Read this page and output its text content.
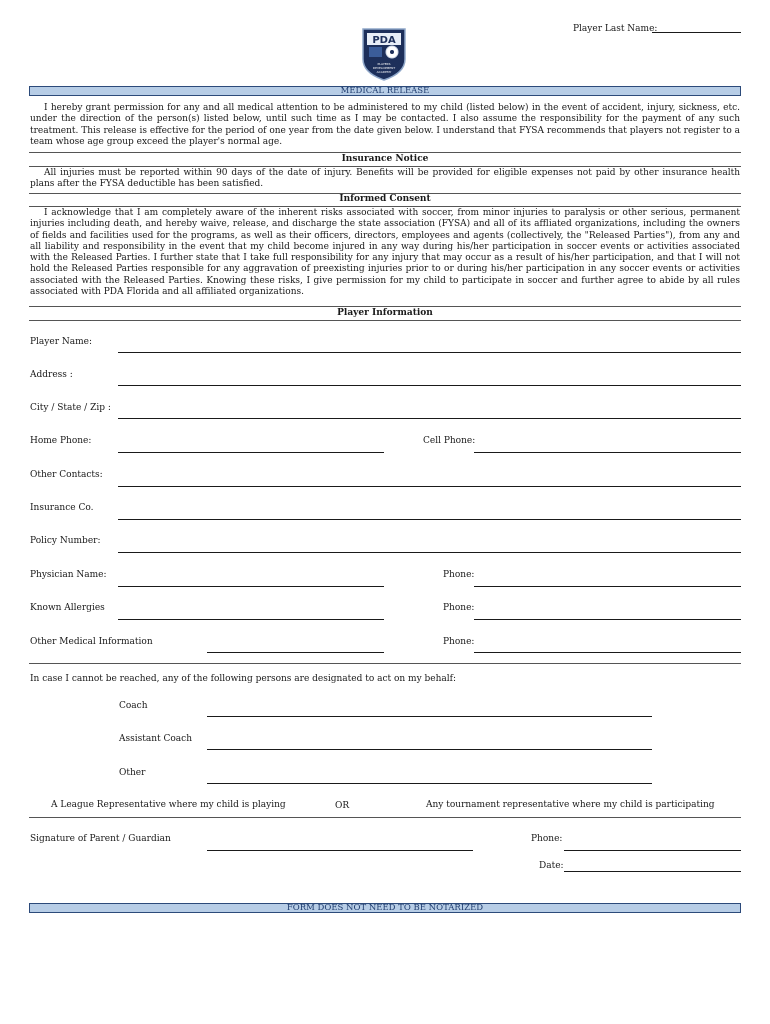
Player Last Name:
PDA
PLAYERS
DEVELOPMENT
ACADEMY
MEDICAL RELEASE
I hereby grant permission for any and all medical attention to be administered to my child (listed below) in the event of accident, injury, sickness, etc. under the direction of the person(s) listed below, until such time as I may be contacted. I also assume the responsibility for the payment of any such treatment. This release is effective for the period of one year from the date given below. I understand that FYSA recommends that players not register to a team whose age group exceed the player's normal age.
Insurance Notice
All injuries must be reported within 90 days of the date of injury. Benefits will be provided for eligible expenses not paid by other insurance health plans after the FYSA deductible has been satisfied.
Informed Consent
I acknowledge that I am completely aware of the inherent risks associated with soccer, from minor injuries to paralysis or other serious, permanent injuries including death, and hereby waive, release, and discharge the state association (FYSA) and all of its affliated organizations, including the owners of fields and facilities used for the programs, as well as their officers, directors, employees and agents (collectively, the "Released Parties"), from any and all liability and responsibility in the event that my child become injured in any way during his/her participation in soccer events or activities associated with the Released Parties. I further state that I take full responsibility for any injury that may occur as a result of his/her participation, and that I will not hold the Released Parties responsible for any aggravation of preexisting injuries prior to or during his/her participation in any soccer events or activities associated with the Released Parties. Knowing these risks, I give permission for my child to participate in soccer and further agree to abide by all rules associated with PDA Florida and all affiliated organizations.
Player Information
Player Name:
Address :
City / State / Zip :
Home Phone:	Cell Phone:
Other Contacts:
Insurance Co.
Policy Number:
Physician Name:	Phone:
Known Allergies	Phone:
Other Medical Information	Phone:
In case I cannot be reached, any of the following persons are designated to act on my behalf:
Coach
Assistant Coach
Other
A League Representative where my child is playing	OR	Any tournament representative where my child is participating
Signature of Parent / Guardian	Phone:
Date:
FORM DOES NOT NEED TO BE NOTARIZED
